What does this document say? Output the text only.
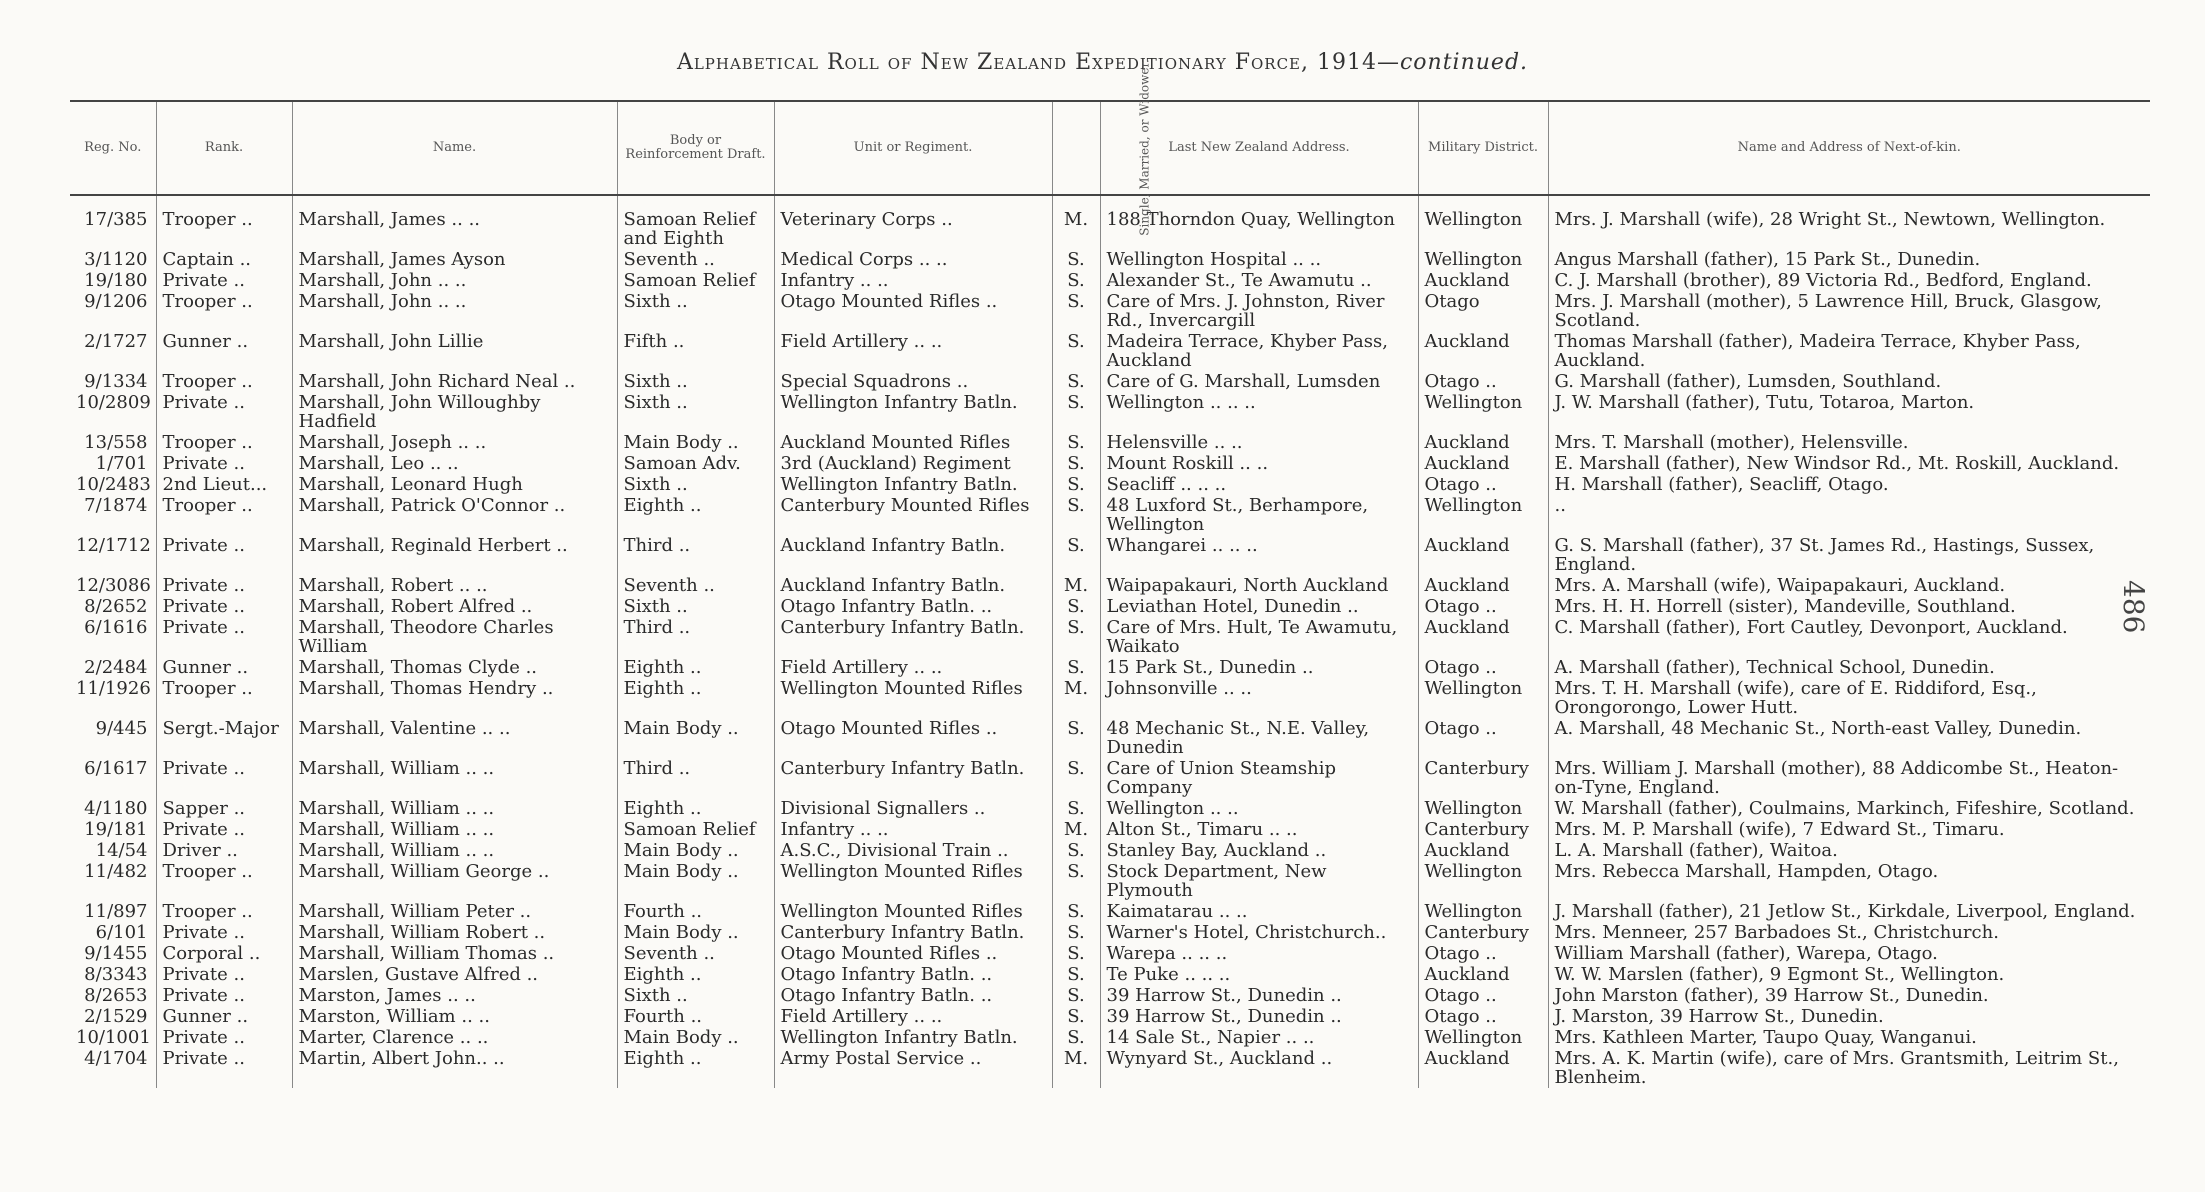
Alphabetical Roll of New Zealand Expeditionary Force, 1914—continued.
486
Reg. No.	Rank.	Name.	Body or Reinforcement Draft.	Unit or Regiment.	Single, Married, or Widower.	Last New Zealand Address.	Military District.	Name and Address of Next-of-kin.
17/385	Trooper ..	Marshall, James .. ..	Samoan Relief and Eighth	Veterinary Corps ..	M.	188 Thorndon Quay, Wellington	Wellington	Mrs. J. Marshall (wife), 28 Wright St., Newtown, Wellington.
3/1120	Captain ..	Marshall, James Ayson	Seventh ..	Medical Corps .. ..	S.	Wellington Hospital .. ..	Wellington	Angus Marshall (father), 15 Park St., Dunedin.
19/180	Private ..	Marshall, John .. ..	Samoan Relief	Infantry .. ..	S.	Alexander St., Te Awamutu ..	Auckland	C. J. Marshall (brother), 89 Victoria Rd., Bedford, England.
9/1206	Trooper ..	Marshall, John .. ..	Sixth ..	Otago Mounted Rifles ..	S.	Care of Mrs. J. Johnston, River Rd., Invercargill	Otago	Mrs. J. Marshall (mother), 5 Lawrence Hill, Bruck, Glasgow, Scotland.
2/1727	Gunner ..	Marshall, John Lillie	Fifth ..	Field Artillery .. ..	S.	Madeira Terrace, Khyber Pass, Auckland	Auckland	Thomas Marshall (father), Madeira Terrace, Khyber Pass, Auckland.
9/1334	Trooper ..	Marshall, John Richard Neal ..	Sixth ..	Special Squadrons ..	S.	Care of G. Marshall, Lumsden	Otago ..	G. Marshall (father), Lumsden, Southland.
10/2809	Private ..	Marshall, John Willoughby Hadfield	Sixth ..	Wellington Infantry Batln.	S.	Wellington .. .. ..	Wellington	J. W. Marshall (father), Tutu, Totaroa, Marton.
13/558	Trooper ..	Marshall, Joseph .. ..	Main Body ..	Auckland Mounted Rifles	S.	Helensville .. ..	Auckland	Mrs. T. Marshall (mother), Helensville.
1/701	Private ..	Marshall, Leo .. ..	Samoan Adv.	3rd (Auckland) Regiment	S.	Mount Roskill .. ..	Auckland	E. Marshall (father), New Windsor Rd., Mt. Roskill, Auckland.
10/2483	2nd Lieut...	Marshall, Leonard Hugh	Sixth ..	Wellington Infantry Batln.	S.	Seacliff .. .. ..	Otago ..	H. Marshall (father), Seacliff, Otago.
7/1874	Trooper ..	Marshall, Patrick O'Connor ..	Eighth ..	Canterbury Mounted Rifles	S.	48 Luxford St., Berhampore, Wellington	Wellington	..
12/1712	Private ..	Marshall, Reginald Herbert ..	Third ..	Auckland Infantry Batln.	S.	Whangarei .. .. ..	Auckland	G. S. Marshall (father), 37 St. James Rd., Hastings, Sussex, England.
12/3086	Private ..	Marshall, Robert .. ..	Seventh ..	Auckland Infantry Batln.	M.	Waipapakauri, North Auckland	Auckland	Mrs. A. Marshall (wife), Waipapakauri, Auckland.
8/2652	Private ..	Marshall, Robert Alfred ..	Sixth ..	Otago Infantry Batln. ..	S.	Leviathan Hotel, Dunedin ..	Otago ..	Mrs. H. H. Horrell (sister), Mandeville, Southland.
6/1616	Private ..	Marshall, Theodore Charles William	Third ..	Canterbury Infantry Batln.	S.	Care of Mrs. Hult, Te Awamutu, Waikato	Auckland	C. Marshall (father), Fort Cautley, Devonport, Auckland.
2/2484	Gunner ..	Marshall, Thomas Clyde ..	Eighth ..	Field Artillery .. ..	S.	15 Park St., Dunedin ..	Otago ..	A. Marshall (father), Technical School, Dunedin.
11/1926	Trooper ..	Marshall, Thomas Hendry ..	Eighth ..	Wellington Mounted Rifles	M.	Johnsonville .. ..	Wellington	Mrs. T. H. Marshall (wife), care of E. Riddiford, Esq., Orongorongo, Lower Hutt.
9/445	Sergt.-Major	Marshall, Valentine .. ..	Main Body ..	Otago Mounted Rifles ..	S.	48 Mechanic St., N.E. Valley, Dunedin	Otago ..	A. Marshall, 48 Mechanic St., North-east Valley, Dunedin.
6/1617	Private ..	Marshall, William .. ..	Third ..	Canterbury Infantry Batln.	S.	Care of Union Steamship Company	Canterbury	Mrs. William J. Marshall (mother), 88 Addicombe St., Heaton-on-Tyne, England.
4/1180	Sapper ..	Marshall, William .. ..	Eighth ..	Divisional Signallers ..	S.	Wellington .. ..	Wellington	W. Marshall (father), Coulmains, Markinch, Fifeshire, Scotland.
19/181	Private ..	Marshall, William .. ..	Samoan Relief	Infantry .. ..	M.	Alton St., Timaru .. ..	Canterbury	Mrs. M. P. Marshall (wife), 7 Edward St., Timaru.
14/54	Driver ..	Marshall, William .. ..	Main Body ..	A.S.C., Divisional Train ..	S.	Stanley Bay, Auckland ..	Auckland	L. A. Marshall (father), Waitoa.
11/482	Trooper ..	Marshall, William George ..	Main Body ..	Wellington Mounted Rifles	S.	Stock Department, New Plymouth	Wellington	Mrs. Rebecca Marshall, Hampden, Otago.
11/897	Trooper ..	Marshall, William Peter ..	Fourth ..	Wellington Mounted Rifles	S.	Kaimatarau .. ..	Wellington	J. Marshall (father), 21 Jetlow St., Kirkdale, Liverpool, England.
6/101	Private ..	Marshall, William Robert ..	Main Body ..	Canterbury Infantry Batln.	S.	Warner's Hotel, Christchurch..	Canterbury	Mrs. Menneer, 257 Barbadoes St., Christchurch.
9/1455	Corporal ..	Marshall, William Thomas ..	Seventh ..	Otago Mounted Rifles ..	S.	Warepa .. .. ..	Otago ..	William Marshall (father), Warepa, Otago.
8/3343	Private ..	Marslen, Gustave Alfred ..	Eighth ..	Otago Infantry Batln. ..	S.	Te Puke .. .. ..	Auckland	W. W. Marslen (father), 9 Egmont St., Wellington.
8/2653	Private ..	Marston, James .. ..	Sixth ..	Otago Infantry Batln. ..	S.	39 Harrow St., Dunedin ..	Otago ..	John Marston (father), 39 Harrow St., Dunedin.
2/1529	Gunner ..	Marston, William .. ..	Fourth ..	Field Artillery .. ..	S.	39 Harrow St., Dunedin ..	Otago ..	J. Marston, 39 Harrow St., Dunedin.
10/1001	Private ..	Marter, Clarence .. ..	Main Body ..	Wellington Infantry Batln.	S.	14 Sale St., Napier .. ..	Wellington	Mrs. Kathleen Marter, Taupo Quay, Wanganui.
4/1704	Private ..	Martin, Albert John.. ..	Eighth ..	Army Postal Service ..	M.	Wynyard St., Auckland ..	Auckland	Mrs. A. K. Martin (wife), care of Mrs. Grantsmith, Leitrim St., Blenheim.
